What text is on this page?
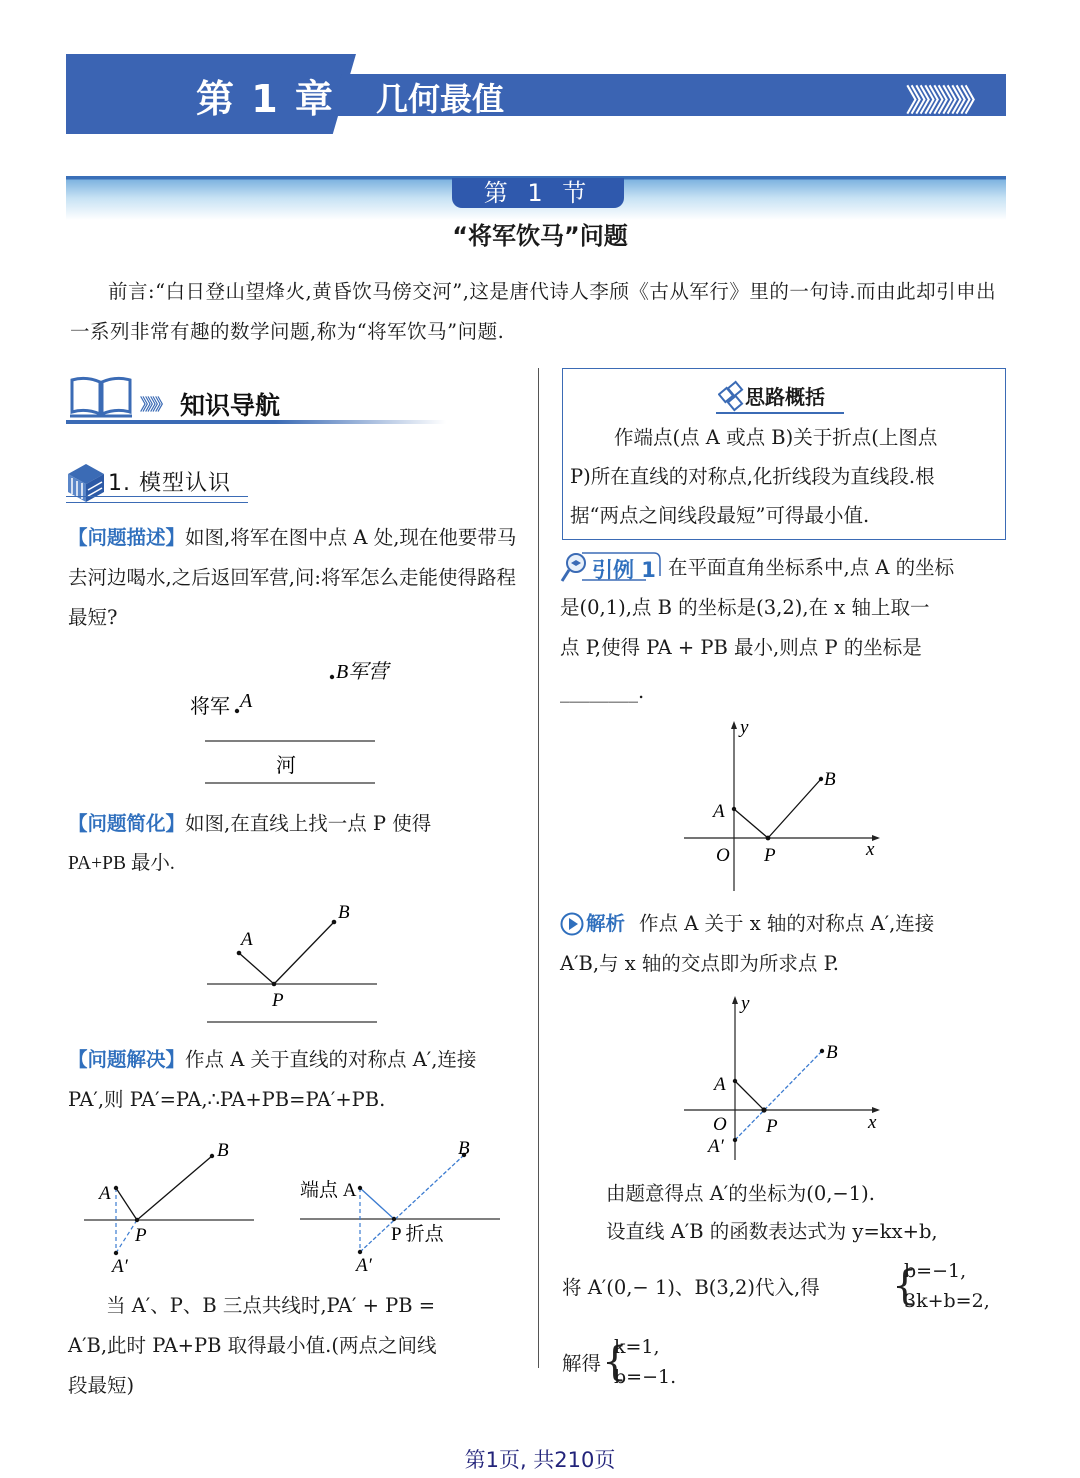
第 1 章 几何最值	》》》》》》》
第 1 节
“将军饮马”问题
前言:“白日登山望烽火,黄昏饮马傍交河”,这是唐代诗人李颀《古从军行》里的一句诗.而由此却引申出一系列非常有趣的数学问题,称为“将军饮马”问题.
》》》》 知识导航
1. 模型认识
【问题描述】如图,将军在图中点 A 处,现在他要带马去河边喝水,之后返回军营,问:将军怎么走能使得路程最短?
B军营
将军 A
河
【问题简化】如图,在直线上找一点 P 使得
PA+PB 最小.
A
B
P
【问题解决】作点 A 关于直线的对称点 A′,连接
PA′,则 PA′=PA,∴PA+PB=PA′+PB.
A
B
P
A′
端点 A
B
P 折点
A′
当 A′、P、B 三点共线时,PA′ + PB =
A′B,此时 PA+PB 取得最小值.(两点之间线
段最短)
思路概括
作端点(点 A 或点 B)关于折点(上图点
P)所在直线的对称点,化折线段为直线段.根
据“两点之间线段最短”可得最小值.
引例 1 在平面直角坐标系中,点 A 的坐标
是(0,1),点 B 的坐标是(3,2),在 x 轴上取一
点 P,使得 PA + PB 最小,则点 P 的坐标是
________.
y
x
O
A
B
P
解析 作点 A 关于 x 轴的对称点 A′,连接
A′B,与 x 轴的交点即为所求点 P.
y
x
O
A
B
P
A′
由题意得点 A′的坐标为(0,−1).
设直线 A′B 的函数表达式为 y=kx+b,
将 A′(0,− 1)、B(3,2)代入,得 {
b=−1,
3k+b=2,
解得 {
k=1,
b=−1.
第1页, 共210页
